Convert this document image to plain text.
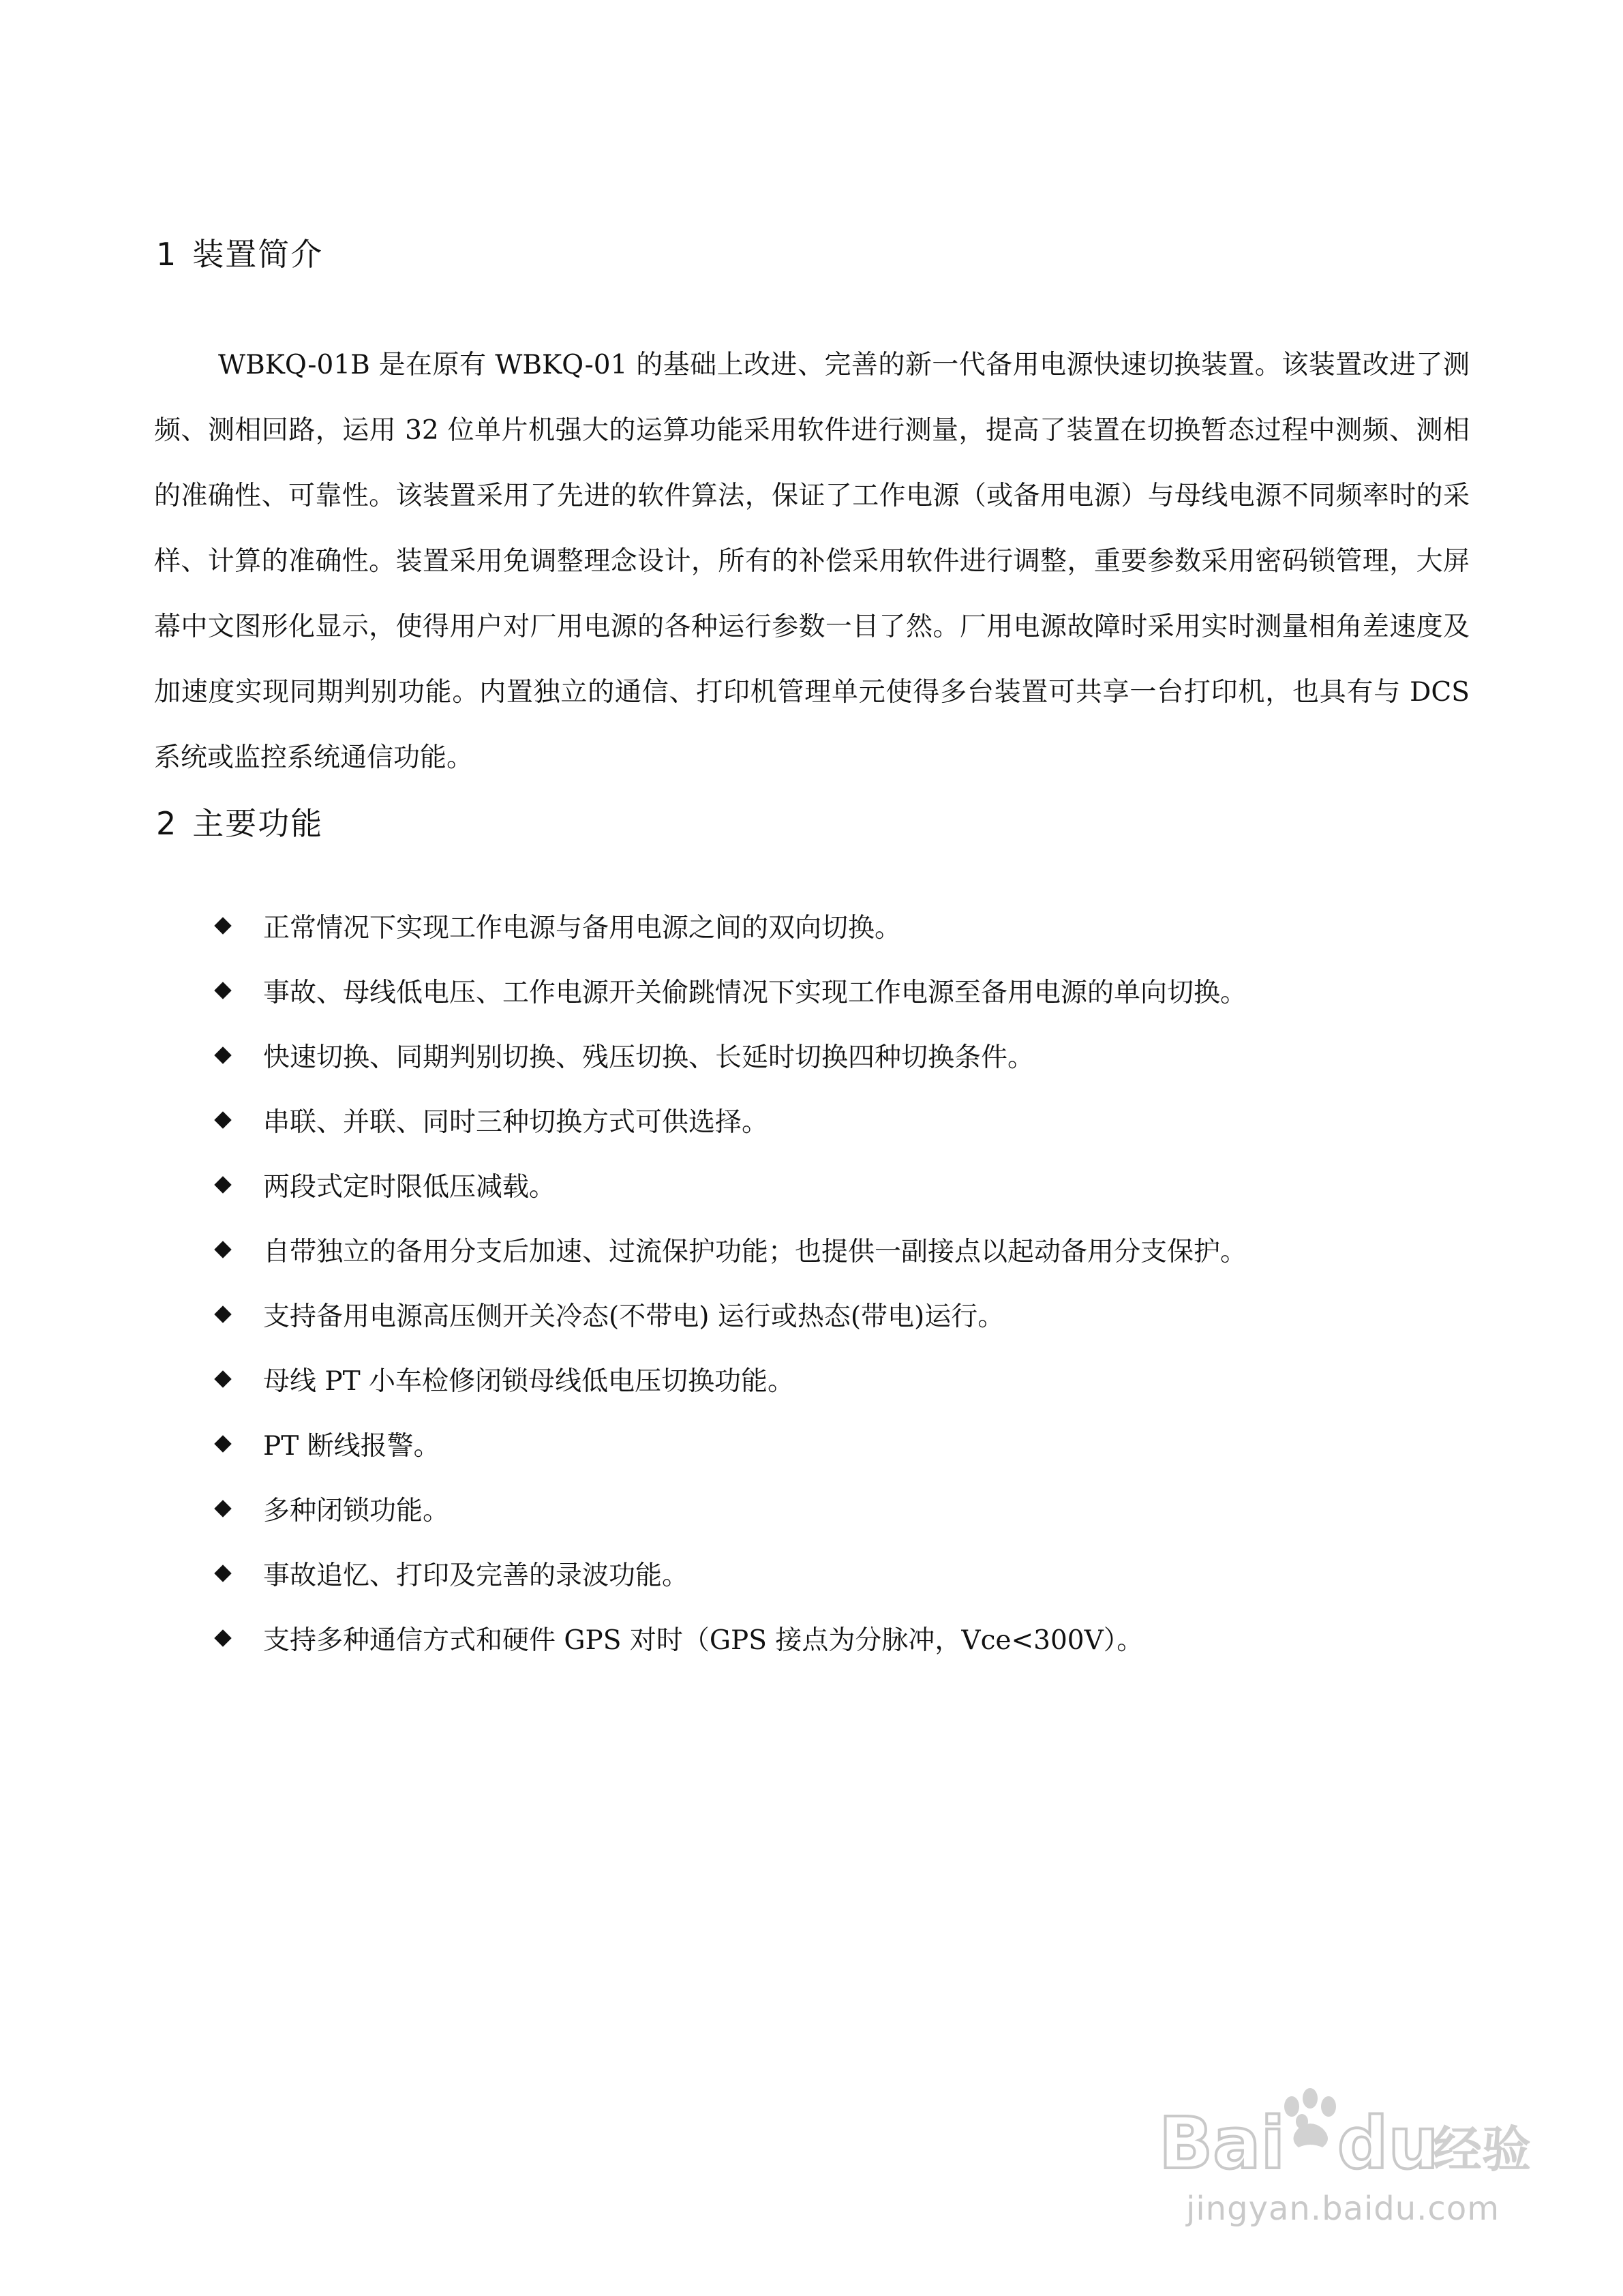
1 装置简介

WBKQ-01B 是在原有 WBKQ-01 的基础上改进、完善的新一代备用电源快速切换装置。该装置改进了测频、测相回路，运用 32 位单片机强大的运算功能采用软件进行测量，提高了装置在切换暂态过程中测频、测相的准确性、可靠性。该装置采用了先进的软件算法，保证了工作电源（或备用电源）与母线电源不同频率时的采样、计算的准确性。装置采用免调整理念设计，所有的补偿采用软件进行调整，重要参数采用密码锁管理，大屏幕中文图形化显示，使得用户对厂用电源的各种运行参数一目了然。厂用电源故障时采用实时测量相角差速度及加速度实现同期判别功能。内置独立的通信、打印机管理单元使得多台装置可共享一台打印机，也具有与 DCS 系统或监控系统通信功能。

2 主要功能
正常情况下实现工作电源与备用电源之间的双向切换。
事故、母线低电压、工作电源开关偷跳情况下实现工作电源至备用电源的单向切换。
快速切换、同期判别切换、残压切换、长延时切换四种切换条件。
串联、并联、同时三种切换方式可供选择。
两段式定时限低压减载。
自带独立的备用分支后加速、过流保护功能；也提供一副接点以起动备用分支保护。
支持备用电源高压侧开关冷态(不带电) 运行或热态(带电)运行。
母线 PT 小车检修闭锁母线低电压切换功能。
PT 断线报警。
多种闭锁功能。
事故追忆、打印及完善的录波功能。
支持多种通信方式和硬件 GPS 对时（GPS 接点为分脉冲，Vce<300V）。
Bai du
经验
jingyan.baidu.com
